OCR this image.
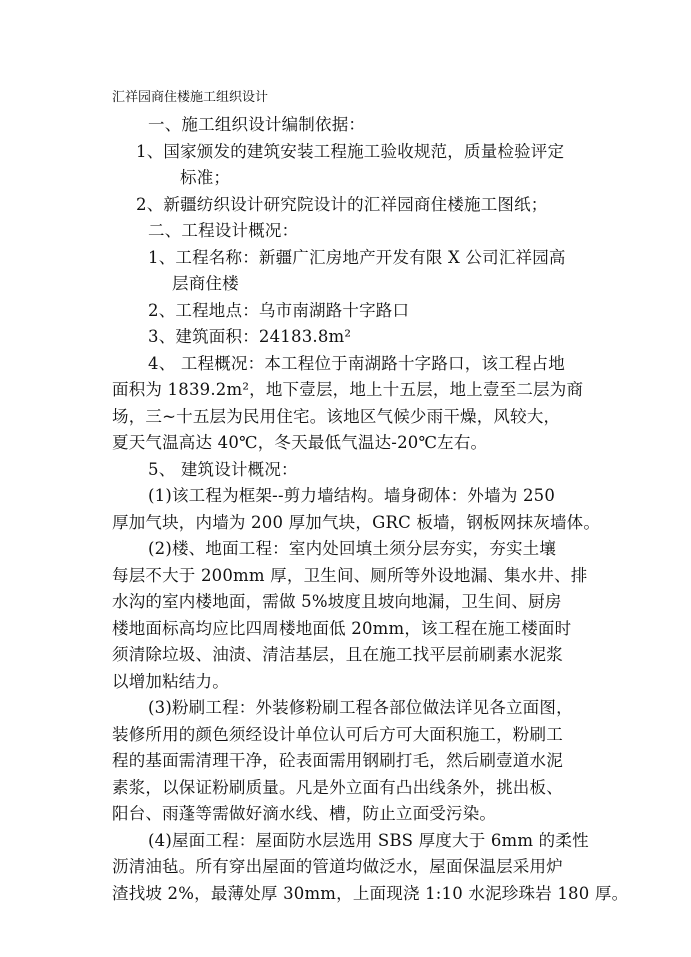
汇祥园商住楼施工组织设计
一、施工组织设计编制依据：
1、国家颁发的建筑安装工程施工验收规范，质量检验评定
标准；
2、新疆纺织设计研究院设计的汇祥园商住楼施工图纸；
二、工程设计概况：
1、工程名称：新疆广汇房地产开发有限 X 公司汇祥园高
层商住楼
2、工程地点：乌市南湖路十字路口
3、建筑面积：24183.8m²
4、 工程概况：本工程位于南湖路十字路口，该工程占地
面积为 1839.2m²，地下壹层，地上十五层，地上壹至二层为商
场，三~十五层为民用住宅。该地区气候少雨干燥，风较大，
夏天气温高达 40℃，冬天最低气温达-20℃左右。
5、 建筑设计概况：
(1)该工程为框架--剪力墙结构。墙身砌体：外墙为 250
厚加气块，内墙为 200 厚加气块，GRC 板墙，钢板网抹灰墙体。
(2)楼、地面工程：室内处回填土须分层夯实，夯实土壤
每层不大于 200mm 厚，卫生间、厕所等外设地漏、集水井、排
水沟的室内楼地面，需做 5%坡度且坡向地漏，卫生间、厨房
楼地面标高均应比四周楼地面低 20mm，该工程在施工楼面时
须清除垃圾、油渍、清洁基层，且在施工找平层前刷素水泥浆
以增加粘结力。
(3)粉刷工程：外装修粉刷工程各部位做法详见各立面图，
装修所用的颜色须经设计单位认可后方可大面积施工，粉刷工
程的基面需清理干净，砼表面需用钢刷打毛，然后刷壹道水泥
素浆，以保证粉刷质量。凡是外立面有凸出线条外，挑出板、
阳台、雨蓬等需做好滴水线、槽，防止立面受污染。
(4)屋面工程：屋面防水层选用 SBS 厚度大于 6mm 的柔性
沥清油毡。所有穿出屋面的管道均做泛水，屋面保温层采用炉
渣找坡 2%，最薄处厚 30mm，上面现浇 1:10 水泥珍珠岩 180 厚。
